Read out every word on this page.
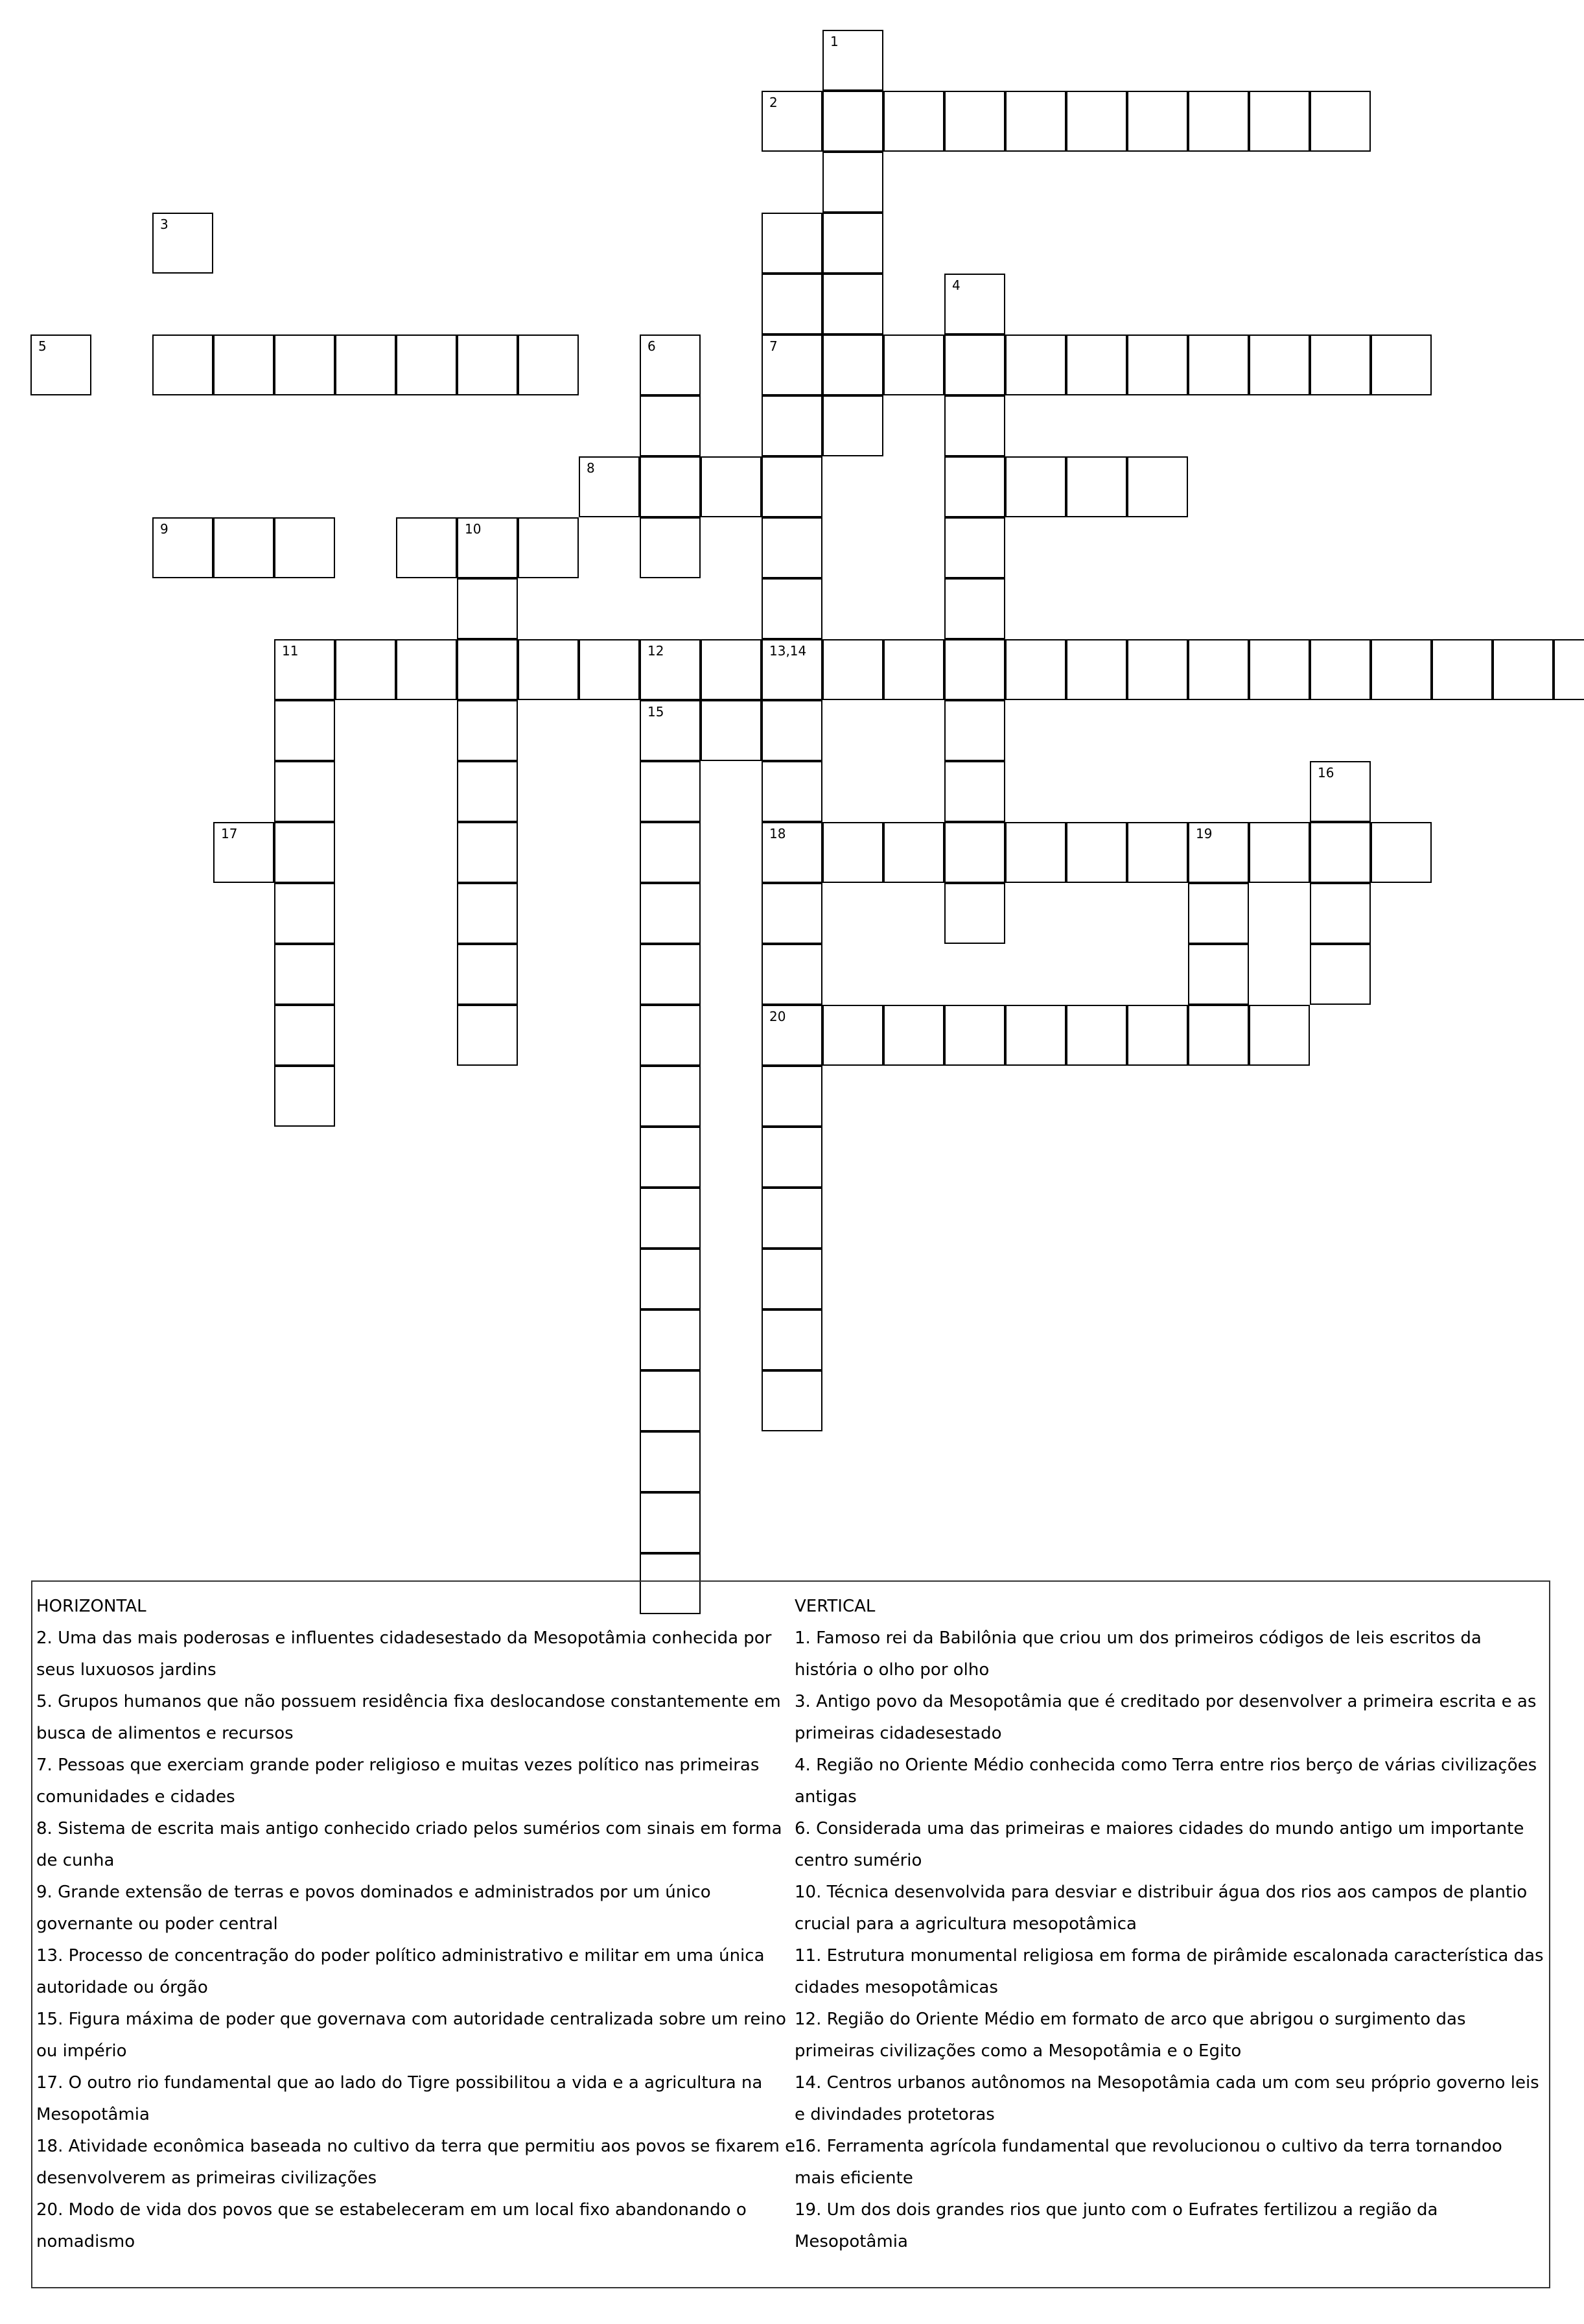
1
7
13,14
4
6
8
10
12
11
15
18
20
19
16
2
3
5
9
17
HORIZONTAL
2. Uma das mais poderosas e influentes cidadesestado da Mesopotâmia conhecida por seus luxuosos jardins
5. Grupos humanos que não possuem residência fixa deslocandose constantemente em busca de alimentos e recursos
7. Pessoas que exerciam grande poder religioso e muitas vezes político nas primeiras comunidades e cidades
8. Sistema de escrita mais antigo conhecido criado pelos sumérios com sinais em forma de cunha
9. Grande extensão de terras e povos dominados e administrados por um único governante ou poder central
13. Processo de concentração do poder político administrativo e militar em uma única autoridade ou órgão
15. Figura máxima de poder que governava com autoridade centralizada sobre um reino ou império
17. O outro rio fundamental que ao lado do Tigre possibilitou a vida e a agricultura na Mesopotâmia
18. Atividade econômica baseada no cultivo da terra que permitiu aos povos se fixarem e desenvolverem as primeiras civilizações
20. Modo de vida dos povos que se estabeleceram em um local fixo abandonando o nomadismo
VERTICAL
1. Famoso rei da Babilônia que criou um dos primeiros códigos de leis escritos da história o olho por olho
3. Antigo povo da Mesopotâmia que é creditado por desenvolver a primeira escrita e as primeiras cidadesestado
4. Região no Oriente Médio conhecida como Terra entre rios berço de várias civilizações antigas
6. Considerada uma das primeiras e maiores cidades do mundo antigo um importante centro sumério
10. Técnica desenvolvida para desviar e distribuir água dos rios aos campos de plantio crucial para a agricultura mesopotâmica
11. Estrutura monumental religiosa em forma de pirâmide escalonada característica das cidades mesopotâmicas
12. Região do Oriente Médio em formato de arco que abrigou o surgimento das primeiras civilizações como a Mesopotâmia e o Egito
14. Centros urbanos autônomos na Mesopotâmia cada um com seu próprio governo leis e divindades protetoras
16. Ferramenta agrícola fundamental que revolucionou o cultivo da terra tornandoo mais eficiente
19. Um dos dois grandes rios que junto com o Eufrates fertilizou a região da Mesopotâmia
